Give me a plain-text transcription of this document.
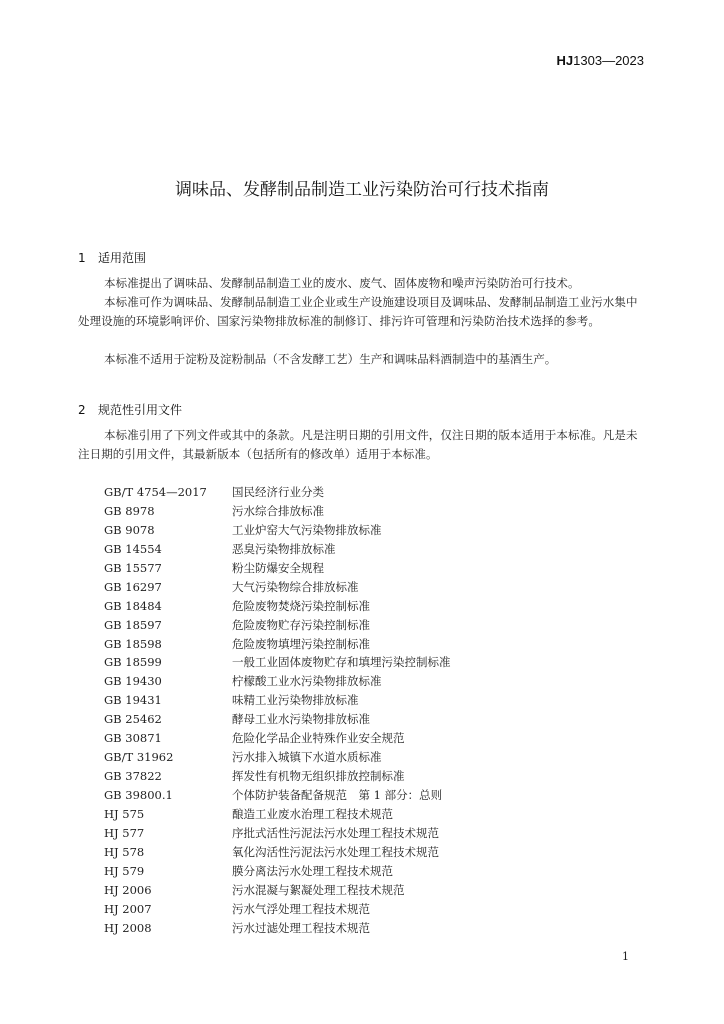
HJ1303—2023
调味品、发酵制品制造工业污染防治可行技术指南
1 适用范围

本标准提出了调味品、发酵制品制造工业的废水、废气、固体废物和噪声污染防治可行技术。

本标准可作为调味品、发酵制品制造工业企业或生产设施建设项目及调味品、发酵制品制造工业污水集中处理设施的环境影响评价、国家污染物排放标准的制修订、排污许可管理和污染防治技术选择的参考。

本标准不适用于淀粉及淀粉制品（不含发酵工艺）生产和调味品料酒制造中的基酒生产。

2 规范性引用文件

本标准引用了下列文件或其中的条款。凡是注明日期的引用文件，仅注日期的版本适用于本标准。凡是未注日期的引用文件，其最新版本（包括所有的修改单）适用于本标准。

GB/T 4754—2017 国民经济行业分类
GB 8978	污水综合排放标准
GB 9078	工业炉窑大气污染物排放标准
GB 14554	恶臭污染物排放标准
GB 15577	粉尘防爆安全规程
GB 16297	大气污染物综合排放标准
GB 18484	危险废物焚烧污染控制标准
GB 18597	危险废物贮存污染控制标准
GB 18598	危险废物填埋污染控制标准
GB 18599	一般工业固体废物贮存和填埋污染控制标准
GB 19430	柠檬酸工业水污染物排放标准
GB 19431	味精工业污染物排放标准
GB 25462	酵母工业水污染物排放标准
GB 30871	危险化学品企业特殊作业安全规范
GB/T 31962	污水排入城镇下水道水质标准
GB 37822	挥发性有机物无组织排放控制标准
GB 39800.1	个体防护装备配备规范　第 1 部分：总则
HJ 575	酿造工业废水治理工程技术规范
HJ 577	序批式活性污泥法污水处理工程技术规范
HJ 578	氧化沟活性污泥法污水处理工程技术规范
HJ 579	膜分离法污水处理工程技术规范
HJ 2006	污水混凝与絮凝处理工程技术规范
HJ 2007	污水气浮处理工程技术规范
HJ 2008	污水过滤处理工程技术规范
1
